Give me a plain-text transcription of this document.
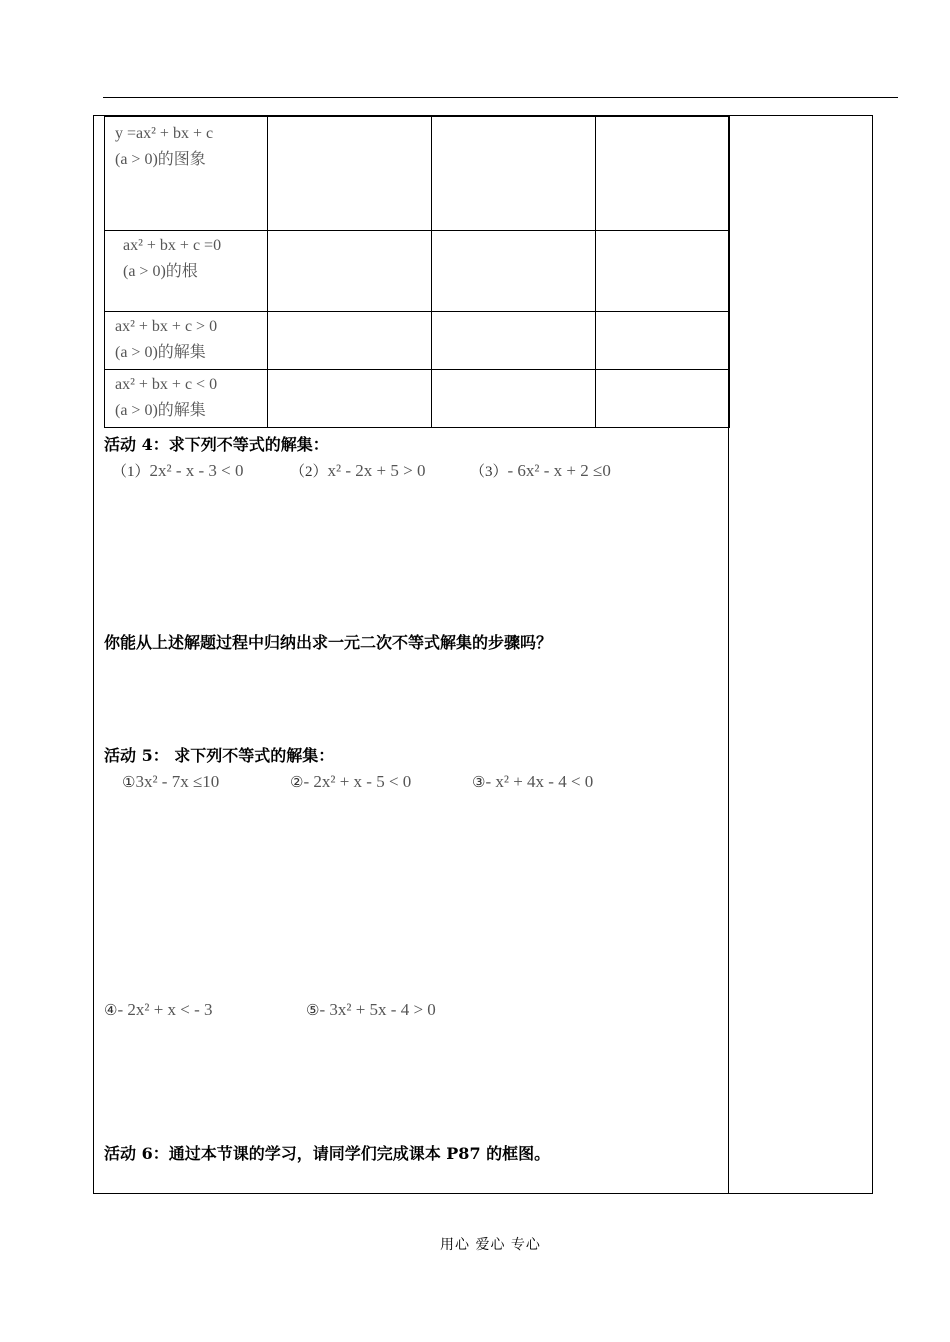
y =ax² + bx + c
(a > 0)的图象			

ax² + bx + c =0
(a > 0)的根			

ax² + bx + c > 0
(a > 0)的解集			

ax² + bx + c < 0
(a > 0)的解集			

活动 4：求下列不等式的解集：
（1）2x² - x - 3 < 0	（2）x² - 2x + 5 > 0	（3）- 6x² - x + 2 ≤0
你能从上述解题过程中归纳出求一元二次不等式解集的步骤吗？
活动 5： 求下列不等式的解集：
①3x² - 7x ≤10	②- 2x² + x - 5 < 0	③- x² + 4x - 4 < 0
④- 2x² + x < - 3	⑤- 3x² + 5x - 4 > 0
活动 6：通过本节课的学习，请同学们完成课本 P87 的框图。
用心 爱心 专心
